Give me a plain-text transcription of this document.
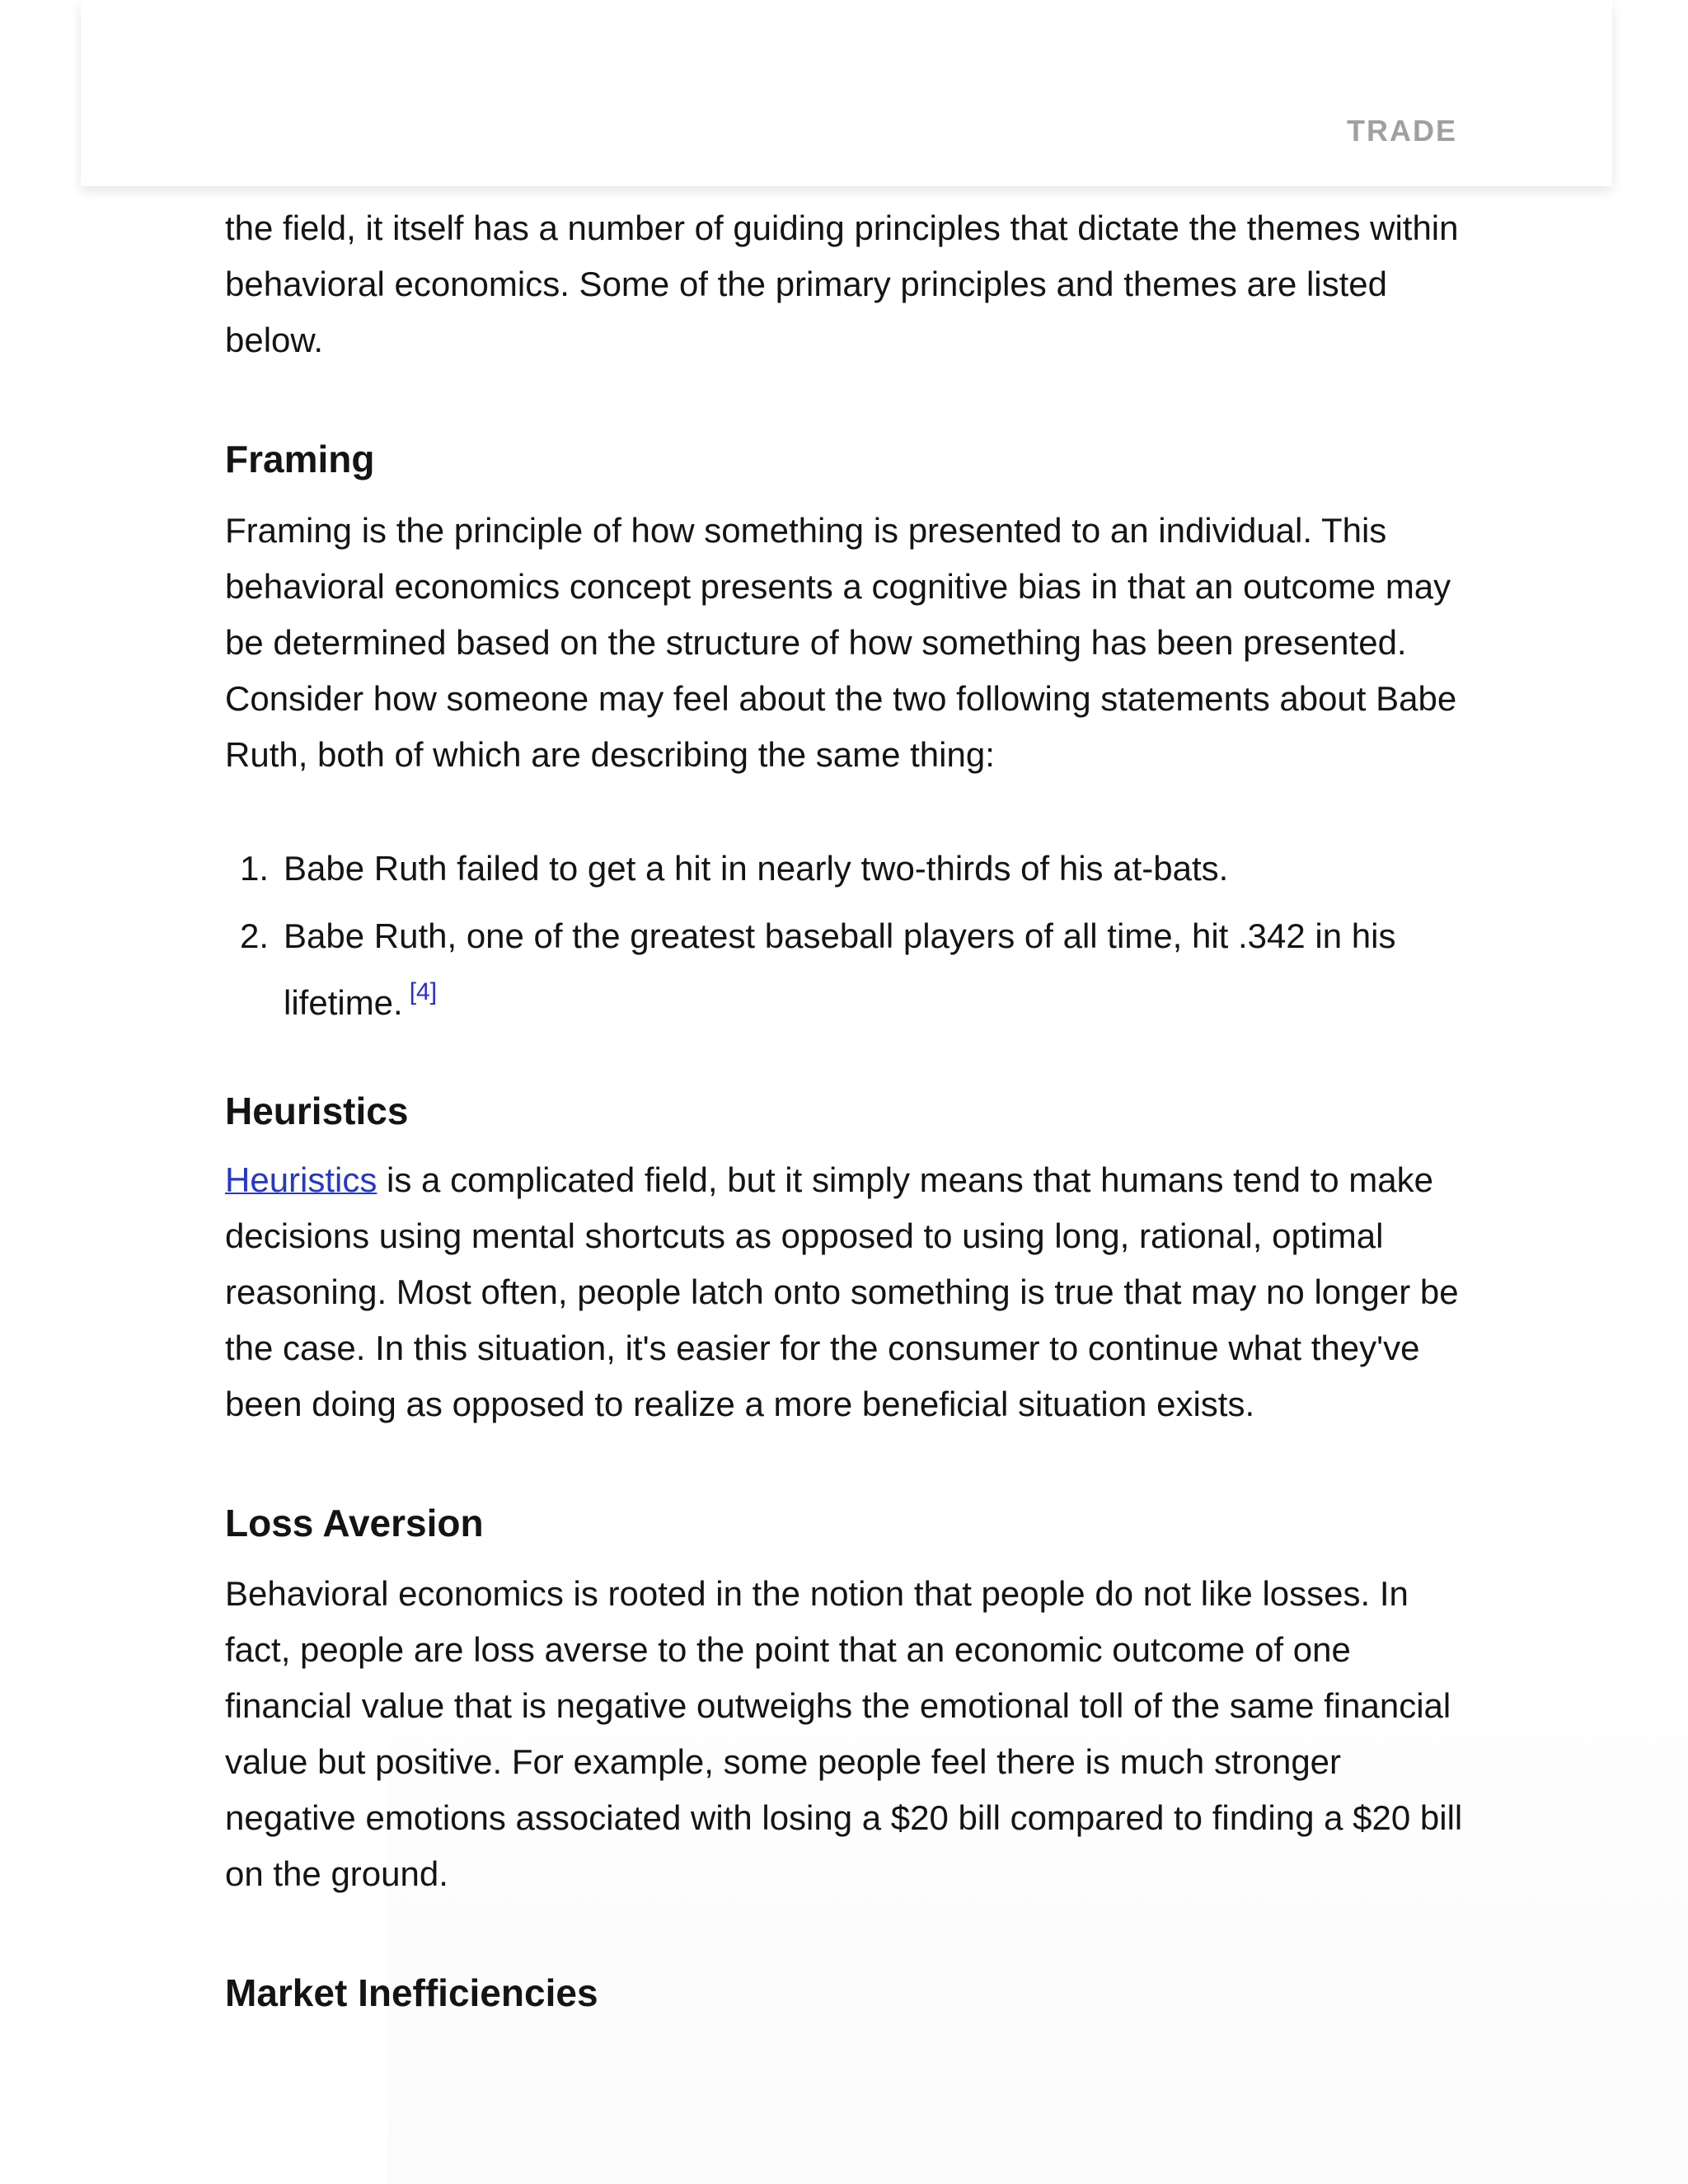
TRADE

the field, it itself has a number of guiding principles that dictate the themes within behavioral economics. Some of the primary principles and themes are listed below.

Framing

Framing is the principle of how something is presented to an individual. This behavioral economics concept presents a cognitive bias in that an outcome may be determined based on the structure of how something has been presented. Consider how someone may feel about the two following statements about Babe Ruth, both of which are describing the same thing:

1. Babe Ruth failed to get a hit in nearly two-thirds of his at-bats.
2. Babe Ruth, one of the greatest baseball players of all time, hit .342 in his lifetime. [4]
Heuristics

Heuristics is a complicated field, but it simply means that humans tend to make decisions using mental shortcuts as opposed to using long, rational, optimal reasoning. Most often, people latch onto something is true that may no longer be the case. In this situation, it's easier for the consumer to continue what they've been doing as opposed to realize a more beneficial situation exists.

Loss Aversion

Behavioral economics is rooted in the notion that people do not like losses. In fact, people are loss averse to the point that an economic outcome of one financial value that is negative outweighs the emotional toll of the same financial value but positive. For example, some people feel there is much stronger negative emotions associated with losing a $20 bill compared to finding a $20 bill on the ground.

Market Inefficiencies
